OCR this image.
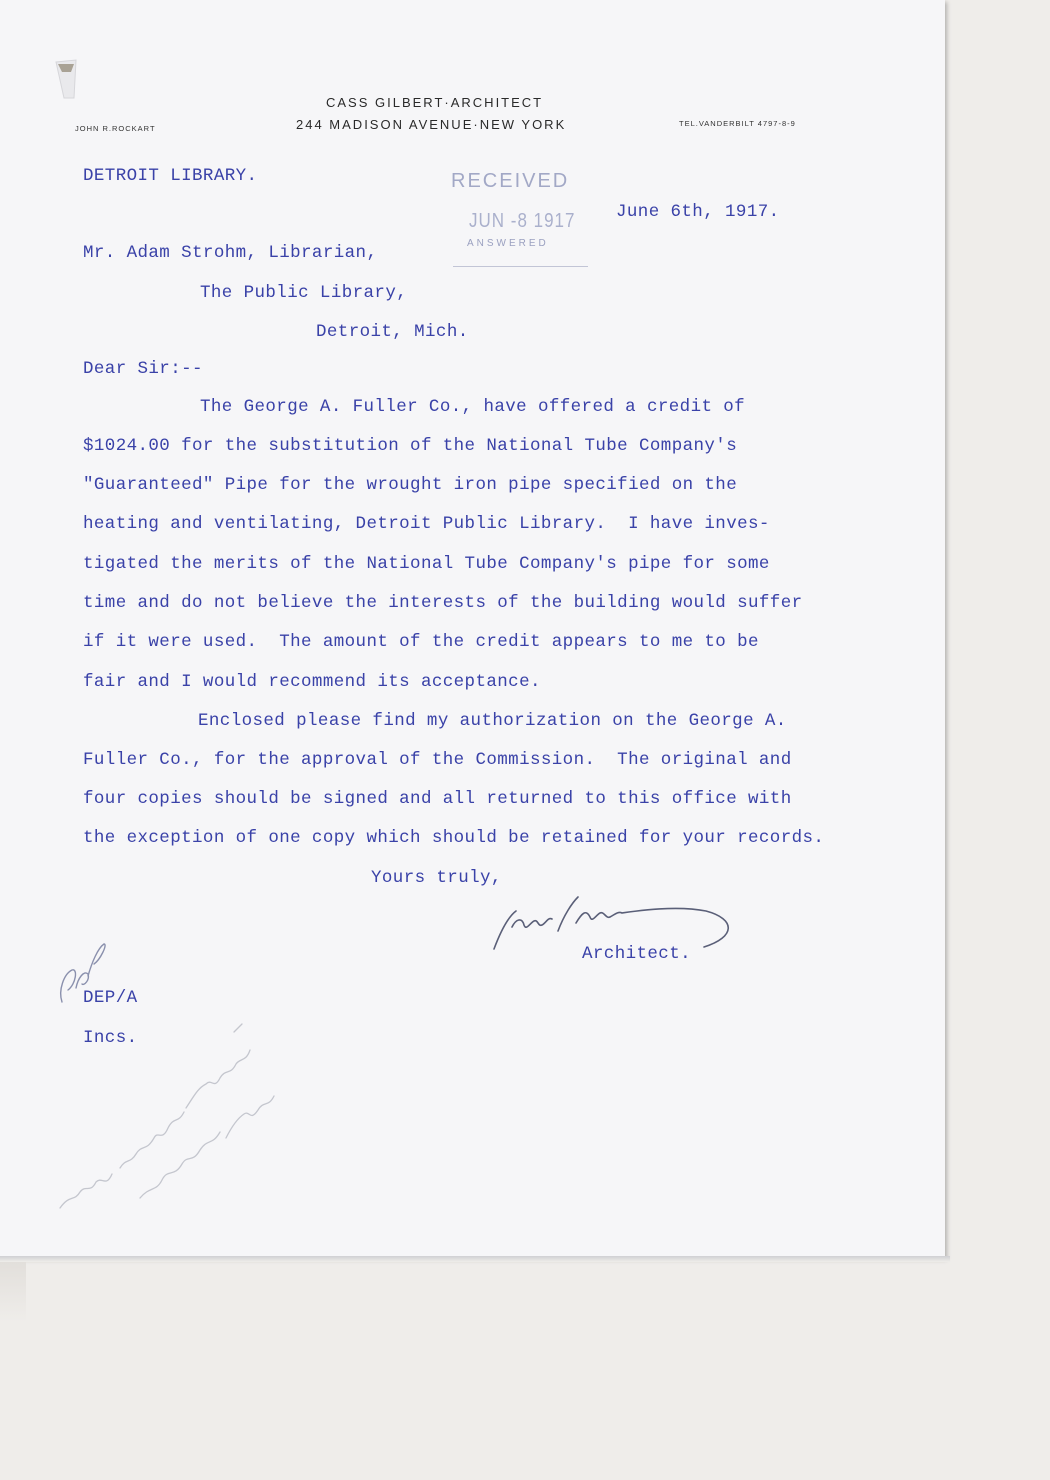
CASS GILBERT·ARCHITECT
244 MADISON AVENUE·NEW YORK
JOHN R.ROCKART
TEL.VANDERBILT 4797-8-9
RECEIVED
JUN -8 1917
ANSWERED
DETROIT LIBRARY.
June 6th, 1917.
Mr. Adam Strohm, Librarian,
The Public Library,
Detroit, Mich.
Dear Sir:--
The George A. Fuller Co., have offered a credit of
$1024.00 for the substitution of the National Tube Company's
"Guaranteed" Pipe for the wrought iron pipe specified on the
heating and ventilating, Detroit Public Library.  I have inves-
tigated the merits of the National Tube Company's pipe for some
time and do not believe the interests of the building would suffer
if it were used.  The amount of the credit appears to me to be
fair and I would recommend its acceptance.
Enclosed please find my authorization on the George A.
Fuller Co., for the approval of the Commission.  The original and
four copies should be signed and all returned to this office with
the exception of one copy which should be retained for your records.
Yours truly,
Architect.
DEP/A
Incs.
